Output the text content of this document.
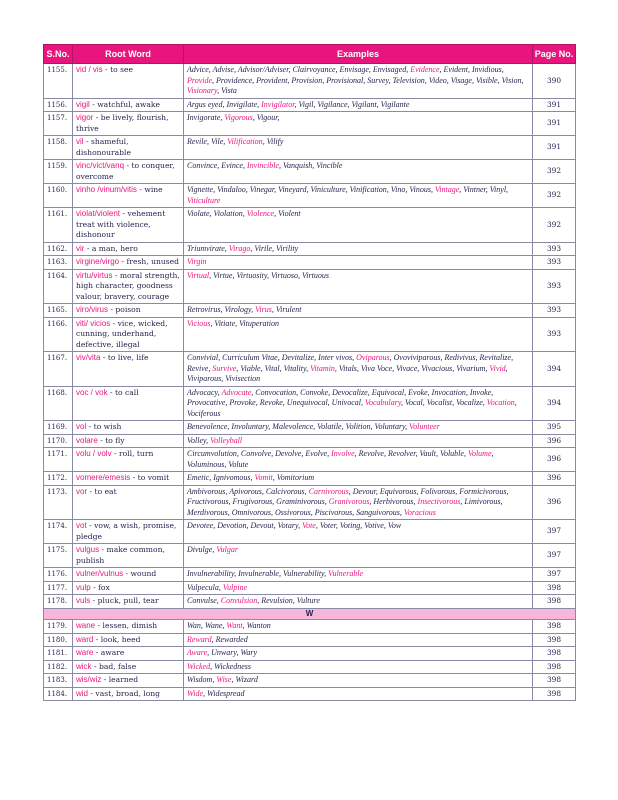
S.No.	Root Word	Examples	Page No.
1155.	vid / vis - to see	Advice, Advise, Advisor/Adviser, Clairvoyance, Envisage, Envisaged, Evidence, Evident, Invidious, Provide, Providence, Provident, Provision, Provisional, Survey, Television, Video, Visage, Visible, Vision, Visionary, Vista	390
1156.	vigil - watchful, awake	Argus eyed, Invigilate, Invigilator, Vigil, Vigilance, Vigilant, Vigilante	391
1157.	vigor - be lively, flourish, thrive	Invigorate, Vigorous, Vigour,	391
1158.	vil - shameful, dishonourable	Revile, Vile, Vilification, Vilify	391
1159.	vinc/vict/vanq - to conquer, overcome	Convince, Evince, Invincible, Vanquish, Vincible	392
1160.	vinho /vinum/vitis - wine	Vignette, Vindaloo, Vinegar, Vineyard, Viniculture, Vinification, Vino, Vinous, Vintage, Vintner, Vinyl, Viticulture	392
1161.	violat/violent - vehement treat with violence, dishonour	Violate, Violation, Violence, Violent	392
1162.	vir - a man, hero	Triumvirate, Virago, Virile, Virility	393
1163.	virgine/virgo - fresh, unused	Virgin	393
1164.	virtu/virtus - moral strength, high character, goodness valour, bravery, courage	Virtual, Virtue, Virtuosity, Virtuoso, Virtuous	393
1165.	viro/virus - poison	Retrovirus, Virology, Virus, Virulent	393
1166.	viti/ vicios - vice, wicked, cunning, underhand, defective, illegal	Vicious, Vitiate, Vituperation	393
1167.	viv/vita - to live, life	Convivial, Curriculum Vitae, Devitalize, Inter vivos, Oviparous, Ovoviviparous, Redivivus, Revitalize, Revive, Survive, Viable, Vital, Vitality, Vitamin, Vitals, Viva Voce, Vivace, Vivacious, Vivarium, Vivid, Viviparous, Vivisection	394
1168.	voc / vok - to call	Advocacy, Advocate, Convocation, Convoke, Devocalize, Equivocal, Evoke, Invocation, Invoke, Provocative, Provoke, Revoke, Unequivocal, Univocal, Vocabulary, Vocal, Vocalist, Vocalize, Vocation, Vociferous	394
1169.	vol - to wish	Benevolence, Involuntary, Malevolence, Volatile, Volition, Voluntary, Volunteer	395
1170.	volare - to fly	Volley, Volleyball	396
1171.	volu / volv - roll, turn	Circumvolution, Convolve, Devolve, Evolve, Involve, Revolve, Revolver, Vault, Voluble, Volume, Voluminous, Volute	396
1172.	vomere/emesis - to vomit	Emetic, Ignivomous, Vomit, Vomitorium	396
1173.	vor - to eat	Ambivorous, Apivorous, Calcivorous, Carnivorous, Devour, Equivorous, Folivorous, Formicivorous, Fructivorous, Frugivorous, Graminivorous, Granivorous, Herbivorous, Insectivorous, Limivorous, Merdivorous, Omnivorous, Ossivorous, Piscivorous, Sanguivorous, Voracious	396
1174.	vot - vow, a wish, promise, pledge	Devotee, Devotion, Devout, Votary, Vote, Voter, Voting, Votive, Vow	397
1175.	vulgus - make common, publish	Divulge, Vulgar	397
1176.	vulner/vulnus - wound	Invulnerability, Invulnerable, Vulnerability, Vulnerable	397
1177.	vulp - fox	Vulpecula, Vulpine	398
1178.	vuls - pluck, pull, tear	Convulse, Convulsion, Revulsion, Vulture	398
W			
1179.	wane - lessen, dimish	Wan, Wane, Want, Wanton	398
1180.	ward - look, heed	Reward, Rewarded	398
1181.	ware - aware	Aware, Unwary, Wary	398
1182.	wick - bad, false	Wicked, Wickedness	398
1183.	wis/wiz - learned	Wisdom, Wise, Wizard	398
1184.	wid - vast, broad, long	Wide, Widespread	398
